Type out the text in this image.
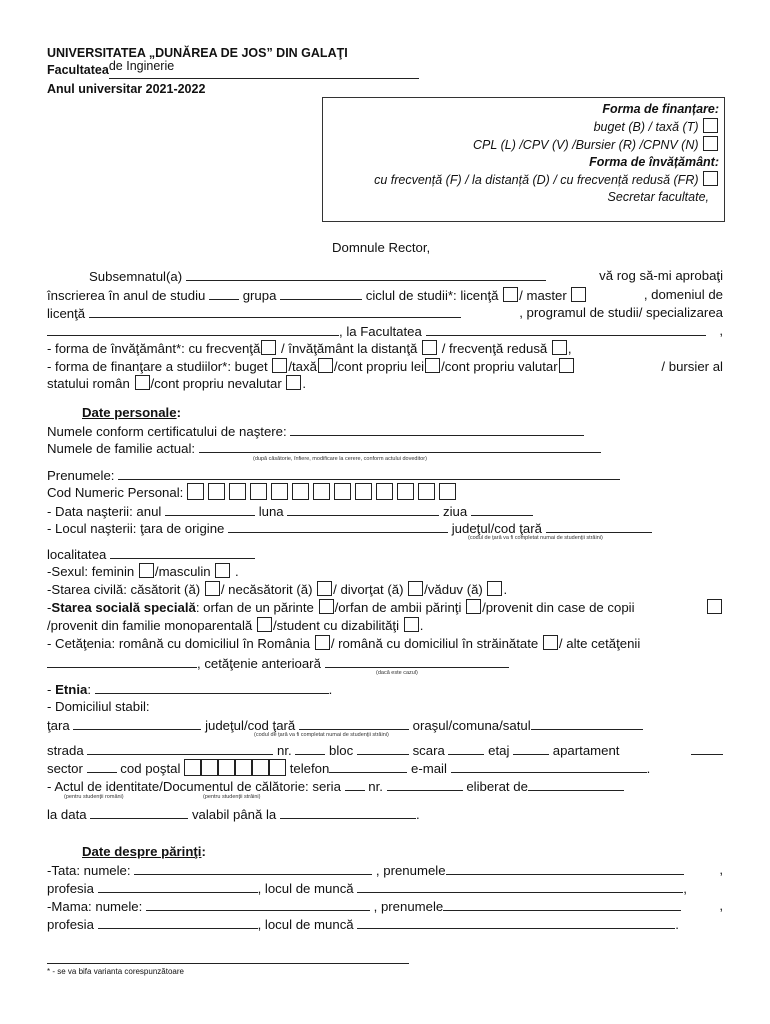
UNIVERSITATEA „DUNĂREA DE JOS” DIN GALAŢI
Facultateade Inginerie
Anul universitar 2021-2022
Forma de finanțare:
buget (B) / taxă (T)
CPL (L) /CPV (V) /Bursier (R) /CPNV (N)
Forma de învățământ:
cu frecvență (F) / la distanță (D) / cu frecvență redusă (FR)
Secretar facultate,
Domnule Rector,
Subsemnatul(a)	vă rog să-mi aprobaţi
înscrierea în anul de studiu	grupa	ciclul de studii*: licenţă / master	, domeniul de
licenţă	, programul de studii/ specializarea
, la Facultatea	,
- forma de învăţământ*: cu frecvenţă / învăţământ la distanţă / frecvenţă redusă ,
- forma de finanţare a studiilor*: buget /taxă /cont propriu lei /cont propriu valutar	/ bursier al
statului român /cont propriu nevalutar .
Date personale:
Numele conform certificatului de naştere:
Numele de familie actual:
(după căsătorie, înfiere, modificare la cerere, conform actului doveditor)
Prenumele:
Cod Numeric Personal:
- Data naşterii: anul	luna	ziua
- Locul naşterii: ţara de origine	judeţul/cod ţară
(codul de ţară va fi completat numai de studenţii străini)
localitatea
-Sexul: feminin /masculin .
-Starea civilă: căsătorit (ă) / necăsătorit (ă) / divorţat (ă) /văduv (ă) .
-Starea socială specială: orfan de un părinte /orfan de ambii părinţi /provenit din case de copii
/provenit din familie monoparentală /student cu dizabilităţi .
- Cetăţenia: română cu domiciliul în România / română cu domiciliul în străinătate / alte cetăţenii
, cetăţenie anterioară
(dacă este cazul)
- Etnia:	.
- Domiciliul stabil:
ţara	judeţul/cod ţară	oraşul/comuna/satul
(codul de ţară va fi completat numai de studenţii străini)
strada	nr.	bloc	scara	etaj	apartament
sector	cod poştal	telefon	e-mail	.
- Actul de identitate/Documentul de călătorie: seria nr.	eliberat de
(pentru studenţii români)	(pentru studenţii străini)
la data	valabil până la	.
Date despre părinţi:
-Tata: numele:	, prenumele	,
profesia	, locul de muncă	,
-Mama: numele:	, prenumele	,
profesia	, locul de muncă	.
* - se va bifa varianta corespunzătoare
